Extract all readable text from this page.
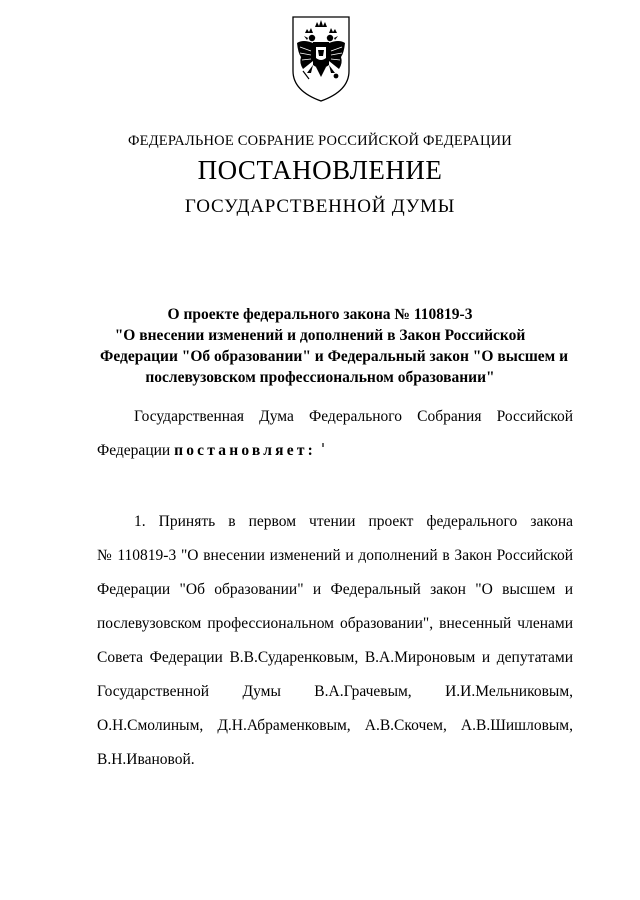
ФЕДЕРАЛЬНОЕ СОБРАНИЕ РОССИЙСКОЙ ФЕДЕРАЦИИ
ПОСТАНОВЛЕНИЕ
ГОСУДАРСТВЕННОЙ ДУМЫ
О проекте федерального закона № 110819-3
"О внесении изменений и дополнений в Закон Российской
Федерации "Об образовании" и Федеральный закон "О высшем и
послевузовском профессиональном образовании"
Государственная Дума Федерального Собрания Российской
Федерации постановляет:
1. Принять в первом чтении проект федерального закона
№ 110819-3 "О внесении изменений и дополнений в Закон Российской
Федерации "Об образовании" и Федеральный закон "О высшем и
послевузовском профессиональном образовании", внесенный членами
Совета Федерации В.В.Сударенковым, В.А.Мироновым и депутатами
Государственной Думы В.А.Грачевым, И.И.Мельниковым,
О.Н.Смолиным, Д.Н.Абраменковым, А.В.Скочем, А.В.Шишловым,
В.Н.Ивановой.
